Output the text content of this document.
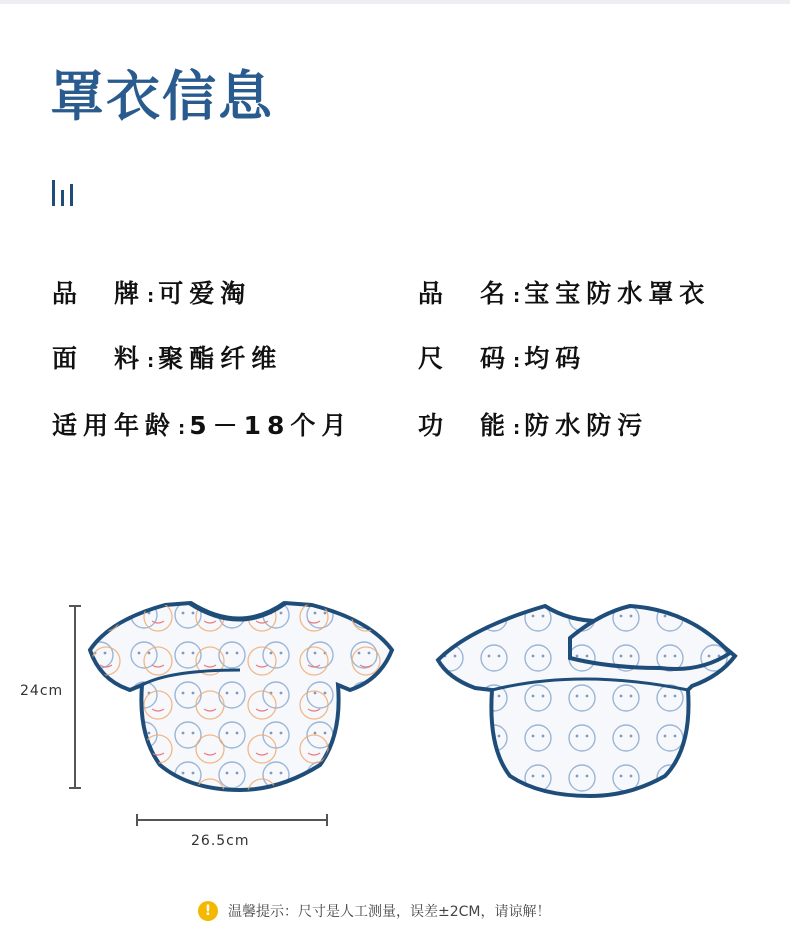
罩衣信息
品　牌 : 可爱淘	品　名 : 宝宝防水罩衣
面　料 : 聚酯纤维	尺　码 : 均码
适用年龄 : 5－18个月	功　能 : 防水防污
24cm
26.5cm
!	温馨提示：尺寸是人工测量，误差±2CM，请谅解！
